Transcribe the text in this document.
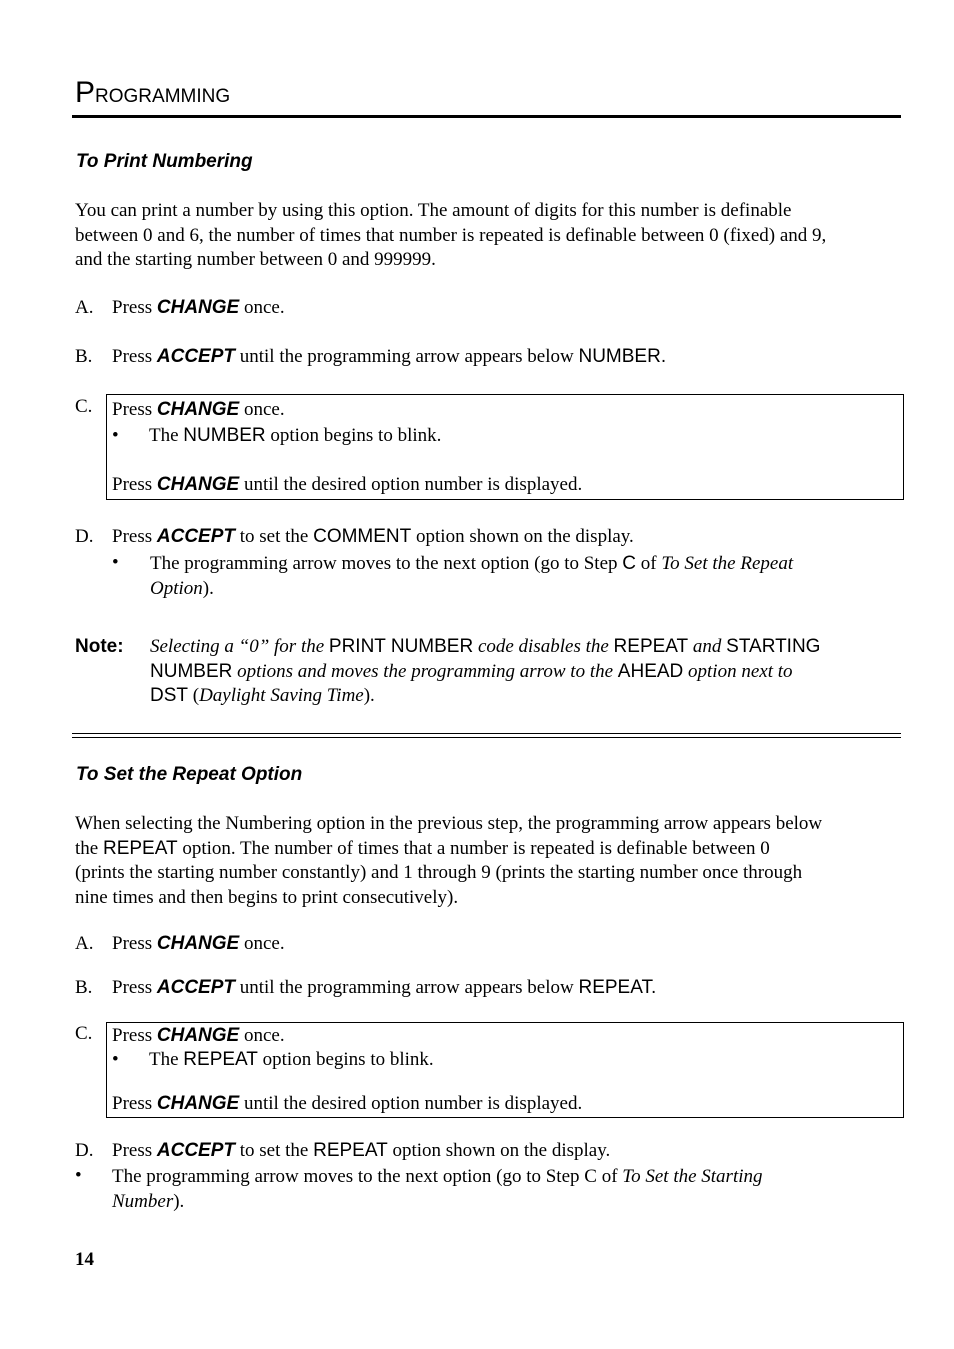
PROGRAMMING
To Print Numbering
You can print a number by using this option. The amount of digits for this number is definable
between 0 and 6, the number of times that number is repeated is definable between 0 (fixed) and 9,
and the starting number between 0 and 999999.
A. Press CHANGE once.
B. Press ACCEPT until the programming arrow appears below NUMBER.
C. Press CHANGE once.
• The NUMBER option begins to blink.
Press CHANGE until the desired option number is displayed.
D. Press ACCEPT to set the COMMENT option shown on the display.
• The programming arrow moves to the next option (go to Step C of To Set the Repeat
Option).
Note: Selecting a “0” for the PRINT NUMBER code disables the REPEAT and STARTING
NUMBER options and moves the programming arrow to the AHEAD option next to
DST (Daylight Saving Time).
To Set the Repeat Option
When selecting the Numbering option in the previous step, the programming arrow appears below
the REPEAT option. The number of times that a number is repeated is definable between 0
(prints the starting number constantly) and 1 through 9 (prints the starting number once through
nine times and then begins to print consecutively).
A. Press CHANGE once.
B. Press ACCEPT until the programming arrow appears below REPEAT.
C. Press CHANGE once.
• The REPEAT option begins to blink.
Press CHANGE until the desired option number is displayed.
D. Press ACCEPT to set the REPEAT option shown on the display.
• The programming arrow moves to the next option (go to Step C of To Set the Starting
Number).
14
